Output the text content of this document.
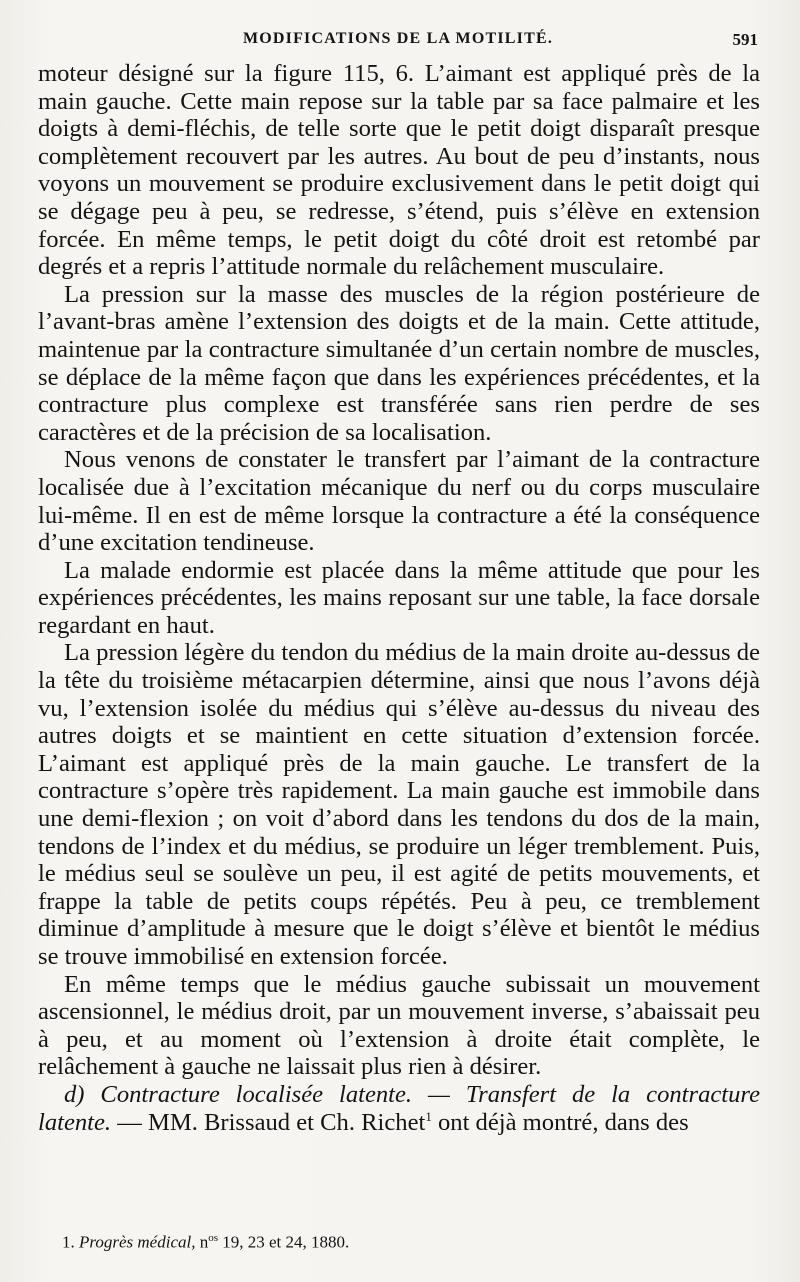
MODIFICATIONS DE LA MOTILITÉ.	591

moteur désigné sur la figure 115, 6. L’aimant est appliqué près de la main gauche. Cette main repose sur la table par sa face palmaire et les doigts à demi-fléchis, de telle sorte que le petit doigt disparaît presque complètement recouvert par les autres. Au bout de peu d’instants, nous voyons un mouvement se produire exclusivement dans le petit doigt qui se dégage peu à peu, se redresse, s’étend, puis s’élève en extension forcée. En même temps, le petit doigt du côté droit est retombé par degrés et a repris l’attitude normale du relâchement musculaire.

La pression sur la masse des muscles de la région postérieure de l’avant-bras amène l’extension des doigts et de la main. Cette attitude, maintenue par la contracture simultanée d’un certain nombre de muscles, se déplace de la même façon que dans les expériences précédentes, et la contracture plus complexe est transférée sans rien perdre de ses caractères et de la précision de sa localisation.

Nous venons de constater le transfert par l’aimant de la contracture localisée due à l’excitation mécanique du nerf ou du corps musculaire lui-même. Il en est de même lorsque la contracture a été la conséquence d’une excitation tendineuse.

La malade endormie est placée dans la même attitude que pour les expériences précédentes, les mains reposant sur une table, la face dorsale regardant en haut.

La pression légère du tendon du médius de la main droite au-dessus de la tête du troisième métacarpien détermine, ainsi que nous l’avons déjà vu, l’extension isolée du médius qui s’élève au-dessus du niveau des autres doigts et se maintient en cette situation d’extension forcée. L’aimant est appliqué près de la main gauche. Le transfert de la contracture s’opère très rapidement. La main gauche est immobile dans une demi-flexion ; on voit d’abord dans les tendons du dos de la main, tendons de l’index et du médius, se produire un léger tremblement. Puis, le médius seul se soulève un peu, il est agité de petits mouvements, et frappe la table de petits coups répétés. Peu à peu, ce tremblement diminue d’amplitude à mesure que le doigt s’élève et bientôt le médius se trouve immobilisé en extension forcée.

En même temps que le médius gauche subissait un mouvement ascensionnel, le médius droit, par un mouvement inverse, s’abaissait peu à peu, et au moment où l’extension à droite était complète, le relâchement à gauche ne laissait plus rien à désirer.

d) Contracture localisée latente. — Transfert de la contracture latente. — MM. Brissaud et Ch. Richet$^1$ ont déjà montré, dans des

1. Progrès médical, $n^{os}$ 19, 23 et 24, 1880.
